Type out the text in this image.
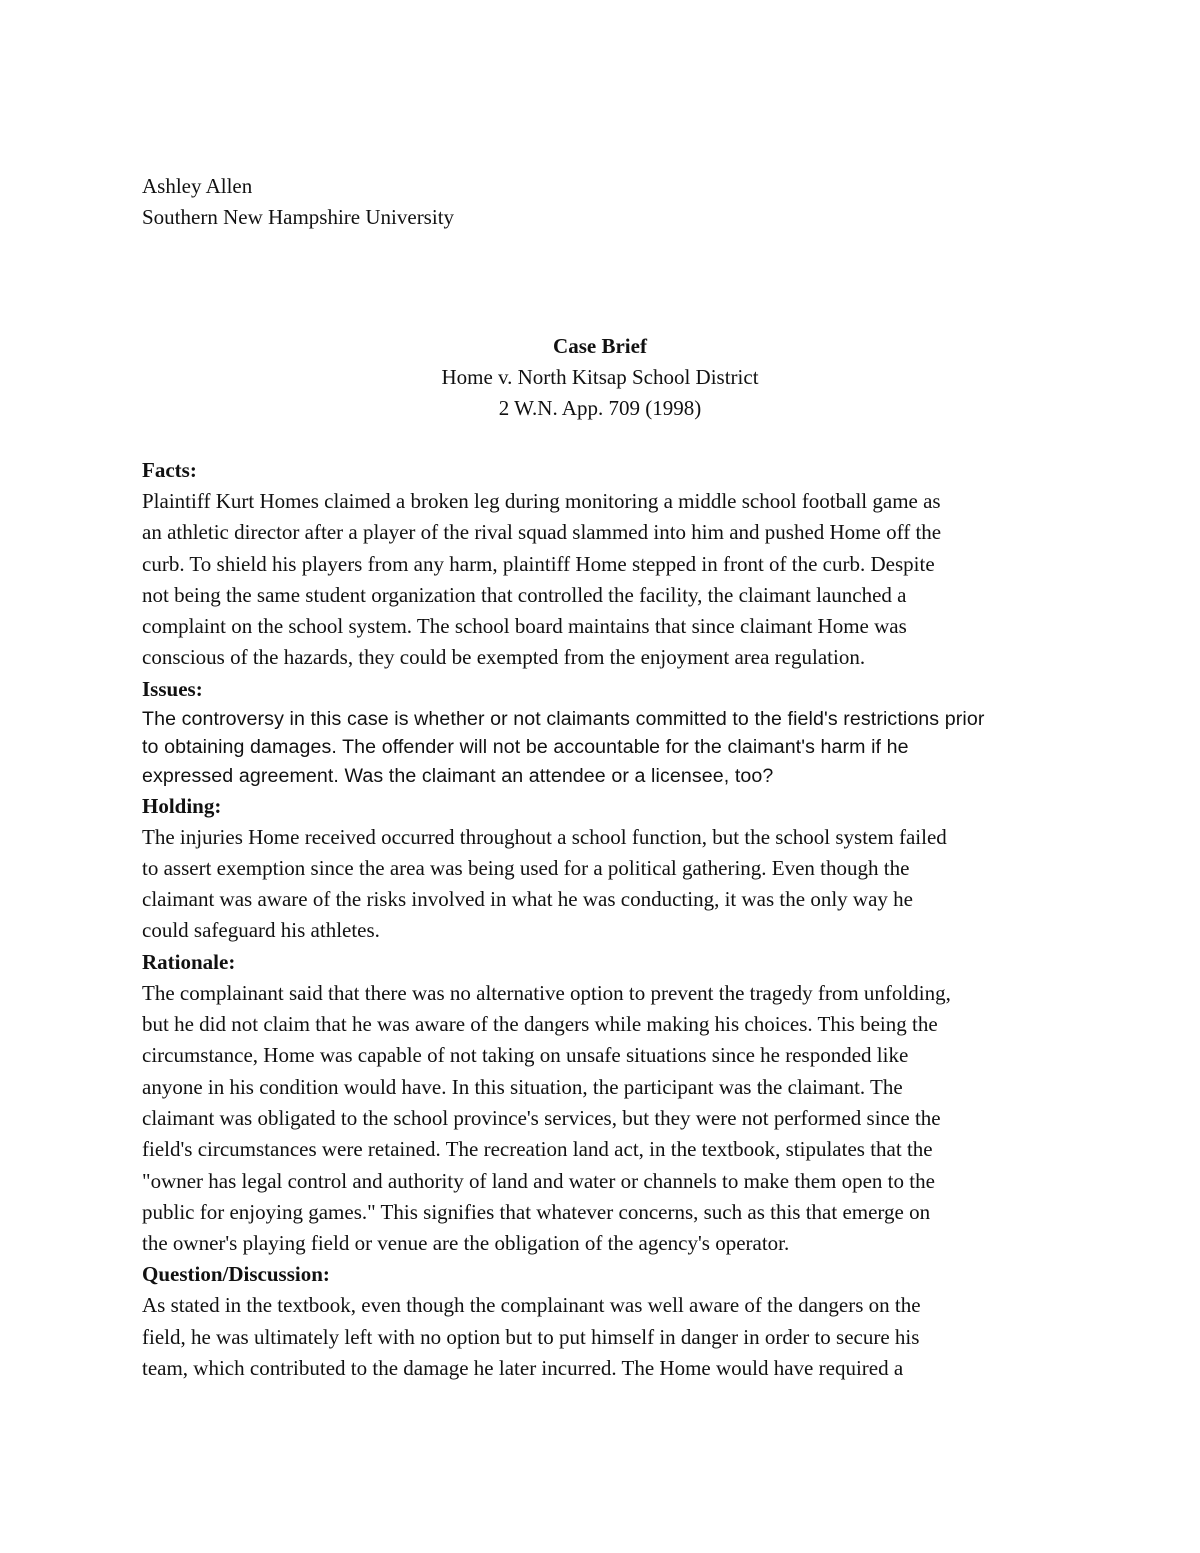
Ashley Allen
Southern New Hampshire University
Case Brief
Home v. North Kitsap School District
2 W.N. App. 709 (1998)
Facts:
Plaintiff Kurt Homes claimed a broken leg during monitoring a middle school football game as
an athletic director after a player of the rival squad slammed into him and pushed Home off the
curb. To shield his players from any harm, plaintiff Home stepped in front of the curb. Despite
not being the same student organization that controlled the facility, the claimant launched a
complaint on the school system. The school board maintains that since claimant Home was
conscious of the hazards, they could be exempted from the enjoyment area regulation.
Issues:
The controversy in this case is whether or not claimants committed to the field's restrictions prior
to obtaining damages. The offender will not be accountable for the claimant's harm if he
expressed agreement. Was the claimant an attendee or a licensee, too?
Holding:
The injuries Home received occurred throughout a school function, but the school system failed
to assert exemption since the area was being used for a political gathering. Even though the
claimant was aware of the risks involved in what he was conducting, it was the only way he
could safeguard his athletes.
Rationale:
The complainant said that there was no alternative option to prevent the tragedy from unfolding,
but he did not claim that he was aware of the dangers while making his choices. This being the
circumstance, Home was capable of not taking on unsafe situations since he responded like
anyone in his condition would have. In this situation, the participant was the claimant. The
claimant was obligated to the school province's services, but they were not performed since the
field's circumstances were retained. The recreation land act, in the textbook, stipulates that the
"owner has legal control and authority of land and water or channels to make them open to the
public for enjoying games." This signifies that whatever concerns, such as this that emerge on
the owner's playing field or venue are the obligation of the agency's operator.
Question/Discussion:
As stated in the textbook, even though the complainant was well aware of the dangers on the
field, he was ultimately left with no option but to put himself in danger in order to secure his
team, which contributed to the damage he later incurred. The Home would have required a
